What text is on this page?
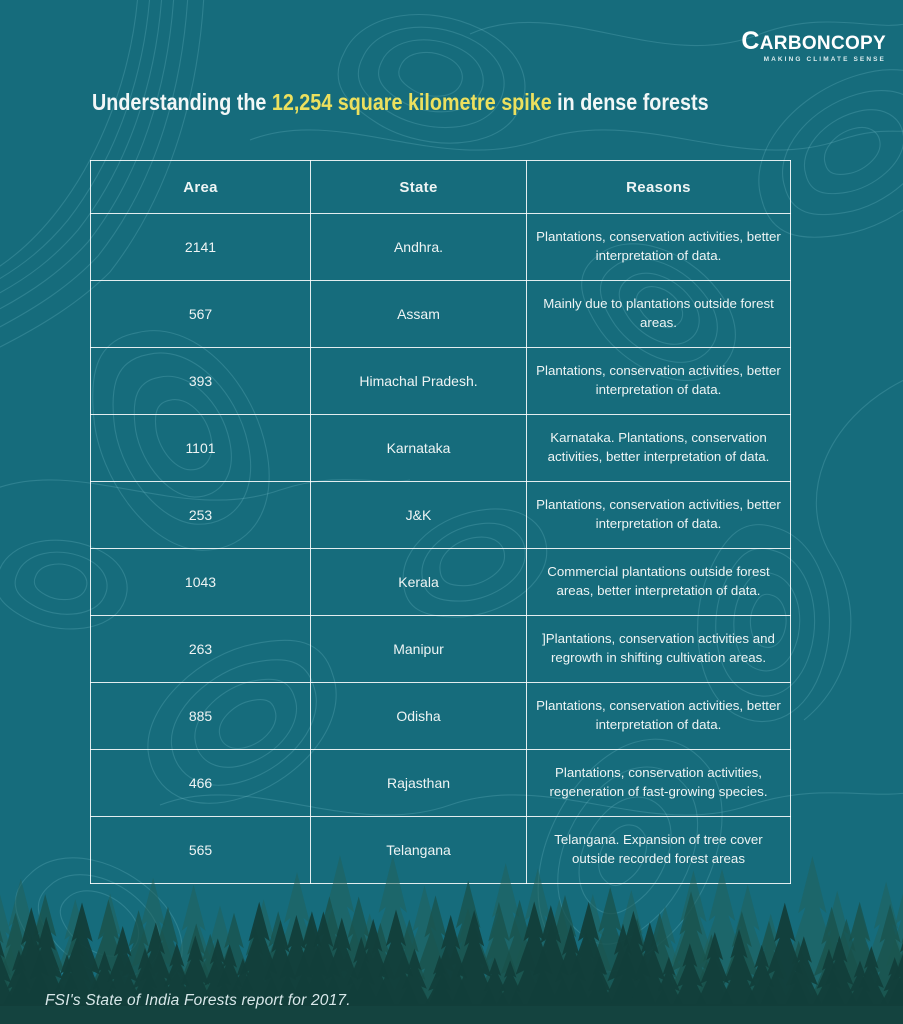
CARBONCOPY
MAKING CLIMATE SENSE
Understanding the 12,254 square kilometre spike in dense forests
Area	State	Reasons
2141	Andhra.	Plantations, conservation activities, better interpretation of data.
567	Assam	Mainly due to plantations outside forest areas.
393	Himachal Pradesh.	Plantations, conservation activities, better interpretation of data.
1101	Karnataka	Karnataka. Plantations, conservation activities, better interpretation of data.
253	J&K	Plantations, conservation activities, better interpretation of data.
1043	Kerala	Commercial plantations outside forest areas, better interpretation of data.
263	Manipur	]Plantations, conservation activities and regrowth in shifting cultivation areas.
885	Odisha	Plantations, conservation activities, better interpretation of data.
466	Rajasthan	Plantations, conservation activities, regeneration of fast-growing species.
565	Telangana	Telangana. Expansion of tree cover outside recorded forest areas
FSI's State of India Forests report for 2017.
